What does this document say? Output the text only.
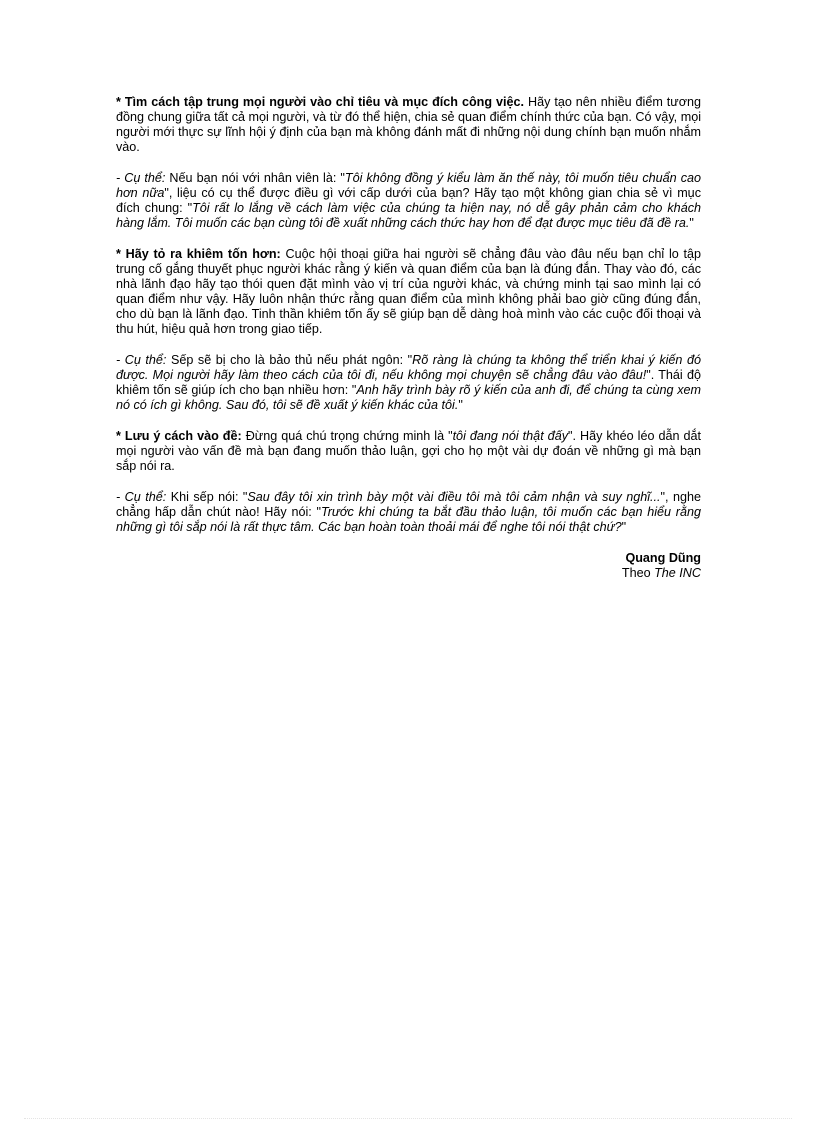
* Tìm cách tập trung mọi người vào chỉ tiêu và mục đích công việc. Hãy tạo nên nhiều điểm tương đồng chung giữa tất cả mọi người, và từ đó thể hiện, chia sẻ quan điểm chính thức của bạn. Có vậy, mọi người mới thực sự lĩnh hội ý định của bạn mà không đánh mất đi những nội dung chính bạn muốn nhắm vào.

- Cụ thể: Nếu bạn nói với nhân viên là: "Tôi không đồng ý kiểu làm ăn thế này, tôi muốn tiêu chuẩn cao hơn nữa", liệu có cụ thể được điều gì với cấp dưới của bạn? Hãy tạo một không gian chia sẻ vì mục đích chung: "Tôi rất lo lắng về cách làm việc của chúng ta hiện nay, nó dễ gây phản cảm cho khách hàng lắm. Tôi muốn các bạn cùng tôi đề xuất những cách thức hay hơn để đạt được mục tiêu đã đề ra."

* Hãy tỏ ra khiêm tốn hơn: Cuộc hội thoại giữa hai người sẽ chẳng đâu vào đâu nếu bạn chỉ lo tập trung cố gắng thuyết phục người khác rằng ý kiến và quan điểm của bạn là đúng đắn. Thay vào đó, các nhà lãnh đạo hãy tạo thói quen đặt mình vào vị trí của người khác, và chứng minh tại sao mình lại có quan điểm như vậy. Hãy luôn nhận thức rằng quan điểm của mình không phải bao giờ cũng đúng đắn, cho dù bạn là lãnh đạo. Tinh thần khiêm tốn ấy sẽ giúp bạn dễ dàng hoà mình vào các cuộc đối thoại và thu hút, hiệu quả hơn trong giao tiếp.

- Cụ thể: Sếp sẽ bị cho là bảo thủ nếu phát ngôn: "Rõ ràng là chúng ta không thể triển khai ý kiến đó được. Mọi người hãy làm theo cách của tôi đi, nếu không mọi chuyện sẽ chẳng đâu vào đâu!". Thái độ khiêm tốn sẽ giúp ích cho bạn nhiều hơn: "Anh hãy trình bày rõ ý kiến của anh đi, để chúng ta cùng xem nó có ích gì không. Sau đó, tôi sẽ đề xuất ý kiến khác của tôi."

* Lưu ý cách vào đề: Đừng quá chú trọng chứng minh là "tôi đang nói thật đấy". Hãy khéo léo dẫn dắt mọi người vào vấn đề mà bạn đang muốn thảo luận, gợi cho họ một vài dự đoán về những gì mà bạn sắp nói ra.

- Cụ thể: Khi sếp nói: "Sau đây tôi xin trình bày một vài điều tôi mà tôi cảm nhận và suy nghĩ...", nghe chẳng hấp dẫn chút nào! Hãy nói: "Trước khi chúng ta bắt đầu thảo luận, tôi muốn các bạn hiểu rằng những gì tôi sắp nói là rất thực tâm. Các bạn hoàn toàn thoải mái để nghe tôi nói thật chứ?"

Quang Dũng
Theo The INC
